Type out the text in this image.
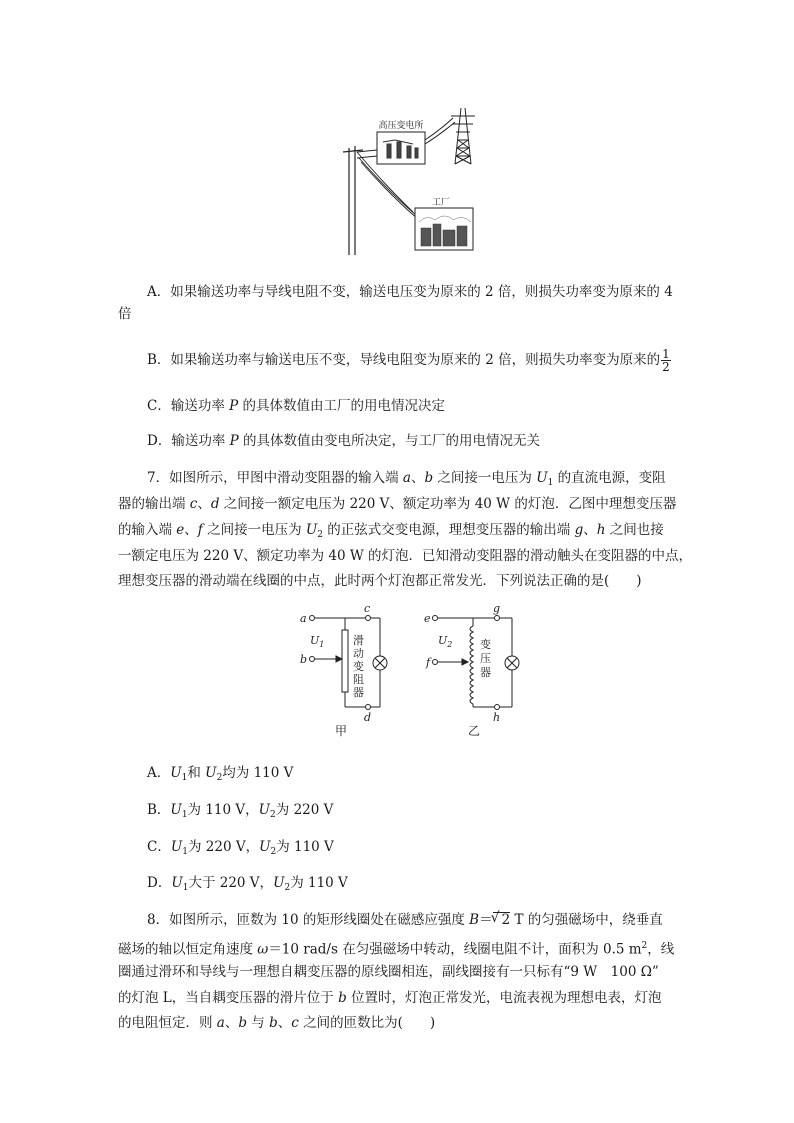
高压变电所
工厂
A．如果输送功率与导线电阻不变，输送电压变为原来的 2 倍，则损失功率变为原来的 4
倍
B．如果输送功率与输送电压不变，导线电阻变为原来的 2 倍，则损失功率变为原来的 $\frac{1}{2}$
C．输送功率 P 的具体数值由工厂的用电情况决定
D．输送功率 P 的具体数值由变电所决定，与工厂的用电情况无关
7．如图所示，甲图中滑动变阻器的输入端 a、b 之间接一电压为 $U_1$ 的直流电源，变阻
器的输出端 c、d 之间接一额定电压为 220 V、额定功率为 40 W 的灯泡．乙图中理想变压器
的输入端 e、f 之间接一电压为 $U_2$ 的正弦式交变电源，理想变压器的输出端 g、h 之间也接
一额定电压为 220 V、额定功率为 40 W 的灯泡．已知滑动变阻器的滑动触头在变阻器的中点，
理想变压器的滑动端在线圈的中点，此时两个灯泡都正常发光．下列说法正确的是(　　)
a
b
c
d
$U_1$	滑
动
变
阻
器
甲
e
f
g
h
$U_2$	变
压
器
乙
A．$U_1$和 $U_2$均为 110 V
B．$U_1$为 110 V，$U_2$为 220 V
C．$U_1$为 220 V，$U_2$为 110 V
D．$U_1$大于 220 V，$U_2$为 110 V
8．如图所示，匝数为 10 的矩形线圈处在磁感应强度 B＝√ 2 T 的匀强磁场中，绕垂直
磁场的轴以恒定角速度 ω＝10 rad/s 在匀强磁场中转动，线圈电阻不计，面积为 0.5 $m^2$，线
圈通过滑环和导线与一理想自耦变压器的原线圈相连，副线圈接有一只标有“9 W　100 Ω”
的灯泡 L，当自耦变压器的滑片位于 b 位置时，灯泡正常发光，电流表视为理想电表，灯泡
的电阻恒定．则 a、b 与 b、c 之间的匝数比为(　　)
